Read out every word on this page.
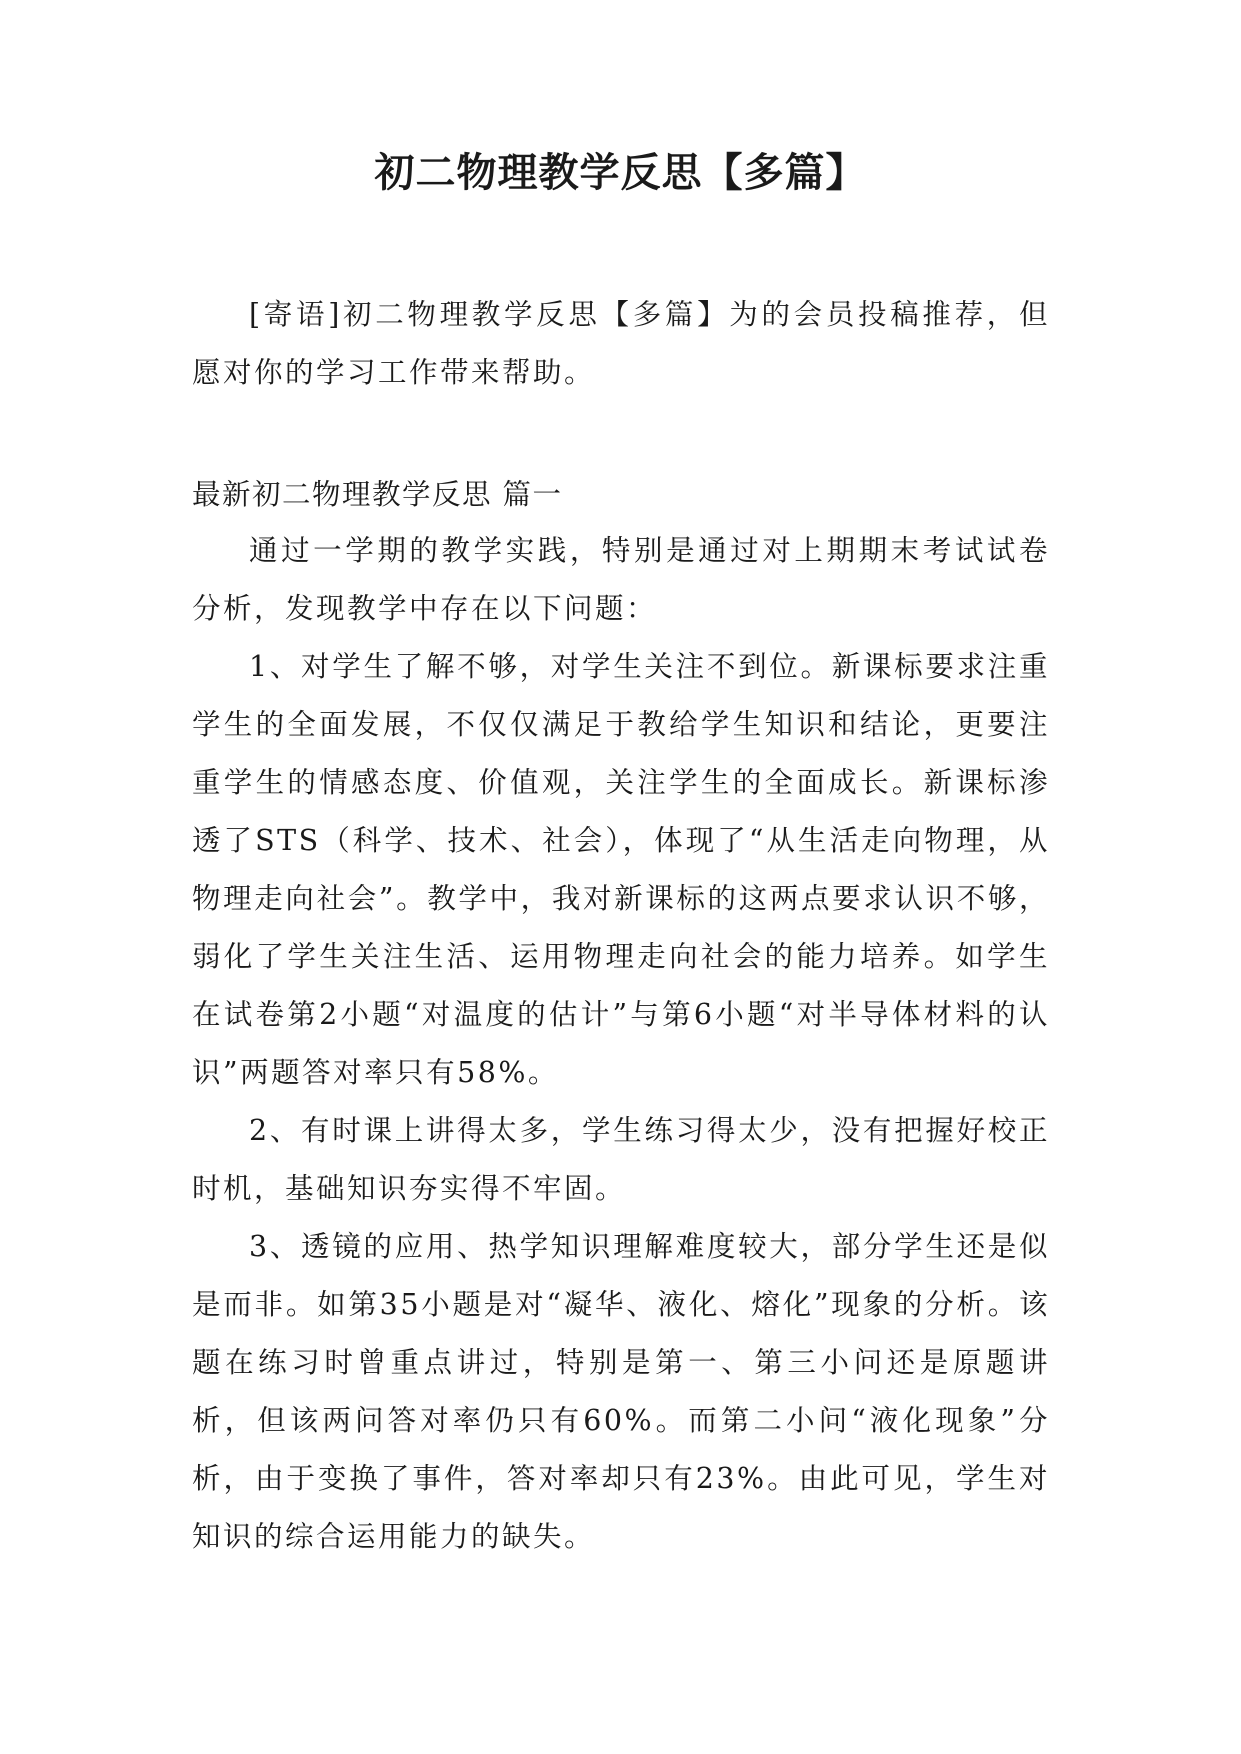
初二物理教学反思【多篇】

[寄语]初二物理教学反思【多篇】为的会员投稿推荐，但愿对你的学习工作带来帮助。

最新初二物理教学反思 篇一

通过一学期的教学实践，特别是通过对上期期末考试试卷分析，发现教学中存在以下问题：

1、对学生了解不够，对学生关注不到位。新课标要求注重学生的全面发展，不仅仅满足于教给学生知识和结论，更要注重学生的情感态度、价值观，关注学生的全面成长。新课标渗透了STS（科学、技术、社会），体现了“从生活走向物理，从物理走向社会”。教学中，我对新课标的这两点要求认识不够，弱化了学生关注生活、运用物理走向社会的能力培养。如学生在试卷第2小题“对温度的估计”与第6小题“对半导体材料的认识”两题答对率只有58%。

2、有时课上讲得太多，学生练习得太少，没有把握好校正时机，基础知识夯实得不牢固。

3、透镜的应用、热学知识理解难度较大，部分学生还是似是而非。如第35小题是对“凝华、液化、熔化”现象的分析。该题在练习时曾重点讲过，特别是第一、第三小问还是原题讲析，但该两问答对率仍只有60%。而第二小问“液化现象”分析，由于变换了事件，答对率却只有23%。由此可见，学生对知识的综合运用能力的缺失。
